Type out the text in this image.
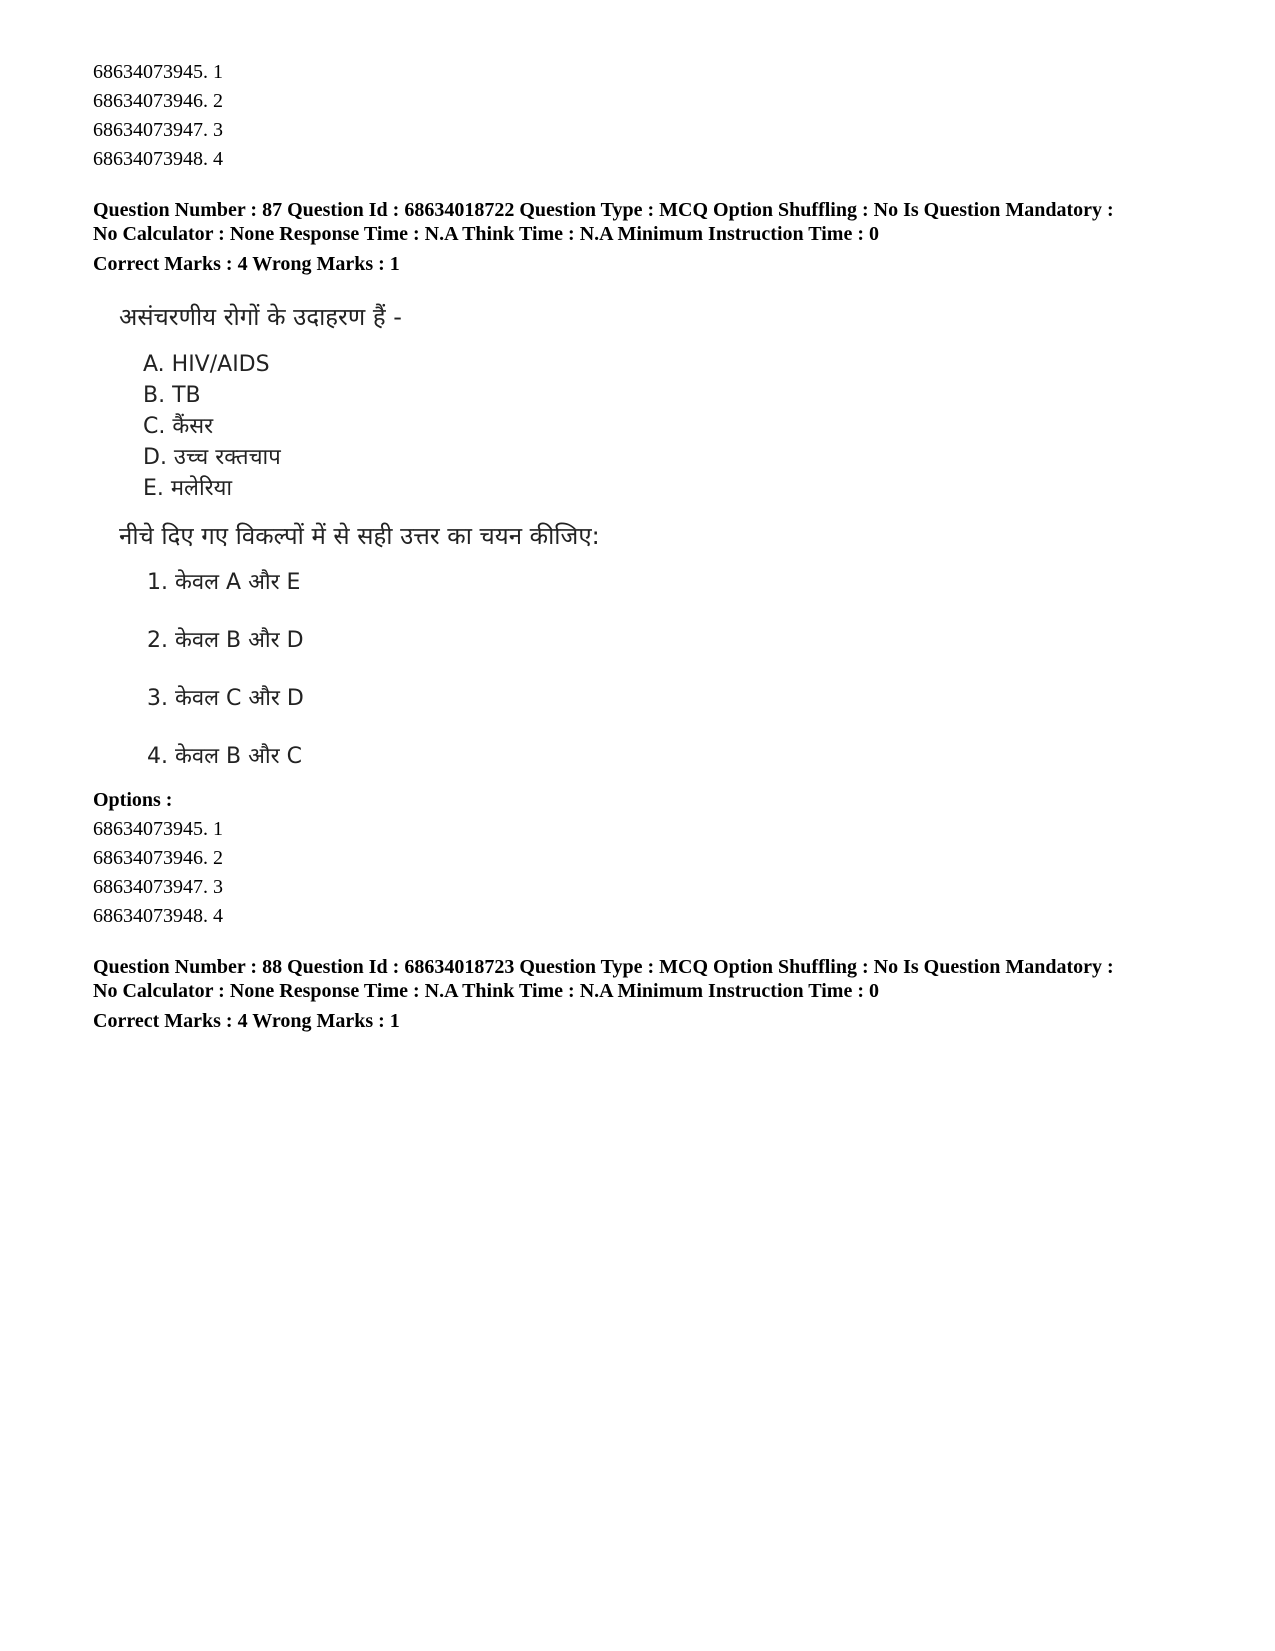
68634073945. 1
68634073946. 2
68634073947. 3
68634073948. 4
Question Number : 87 Question Id : 68634018722 Question Type : MCQ Option Shuffling : No Is Question Mandatory :
No Calculator : None Response Time : N.A Think Time : N.A Minimum Instruction Time : 0
Correct Marks : 4 Wrong Marks : 1
असंचरणीय रोगों के उदाहरण हैं -
A. HIV/AIDS
B. TB
C. कैंसर
D. उच्च रक्तचाप
E. मलेरिया
नीचे दिए गए विकल्पों में से सही उत्तर का चयन कीजिए:
1. केवल A और E
2. केवल B और D
3. केवल C और D
4. केवल B और C
Options :
68634073945. 1
68634073946. 2
68634073947. 3
68634073948. 4
Question Number : 88 Question Id : 68634018723 Question Type : MCQ Option Shuffling : No Is Question Mandatory :
No Calculator : None Response Time : N.A Think Time : N.A Minimum Instruction Time : 0
Correct Marks : 4 Wrong Marks : 1
